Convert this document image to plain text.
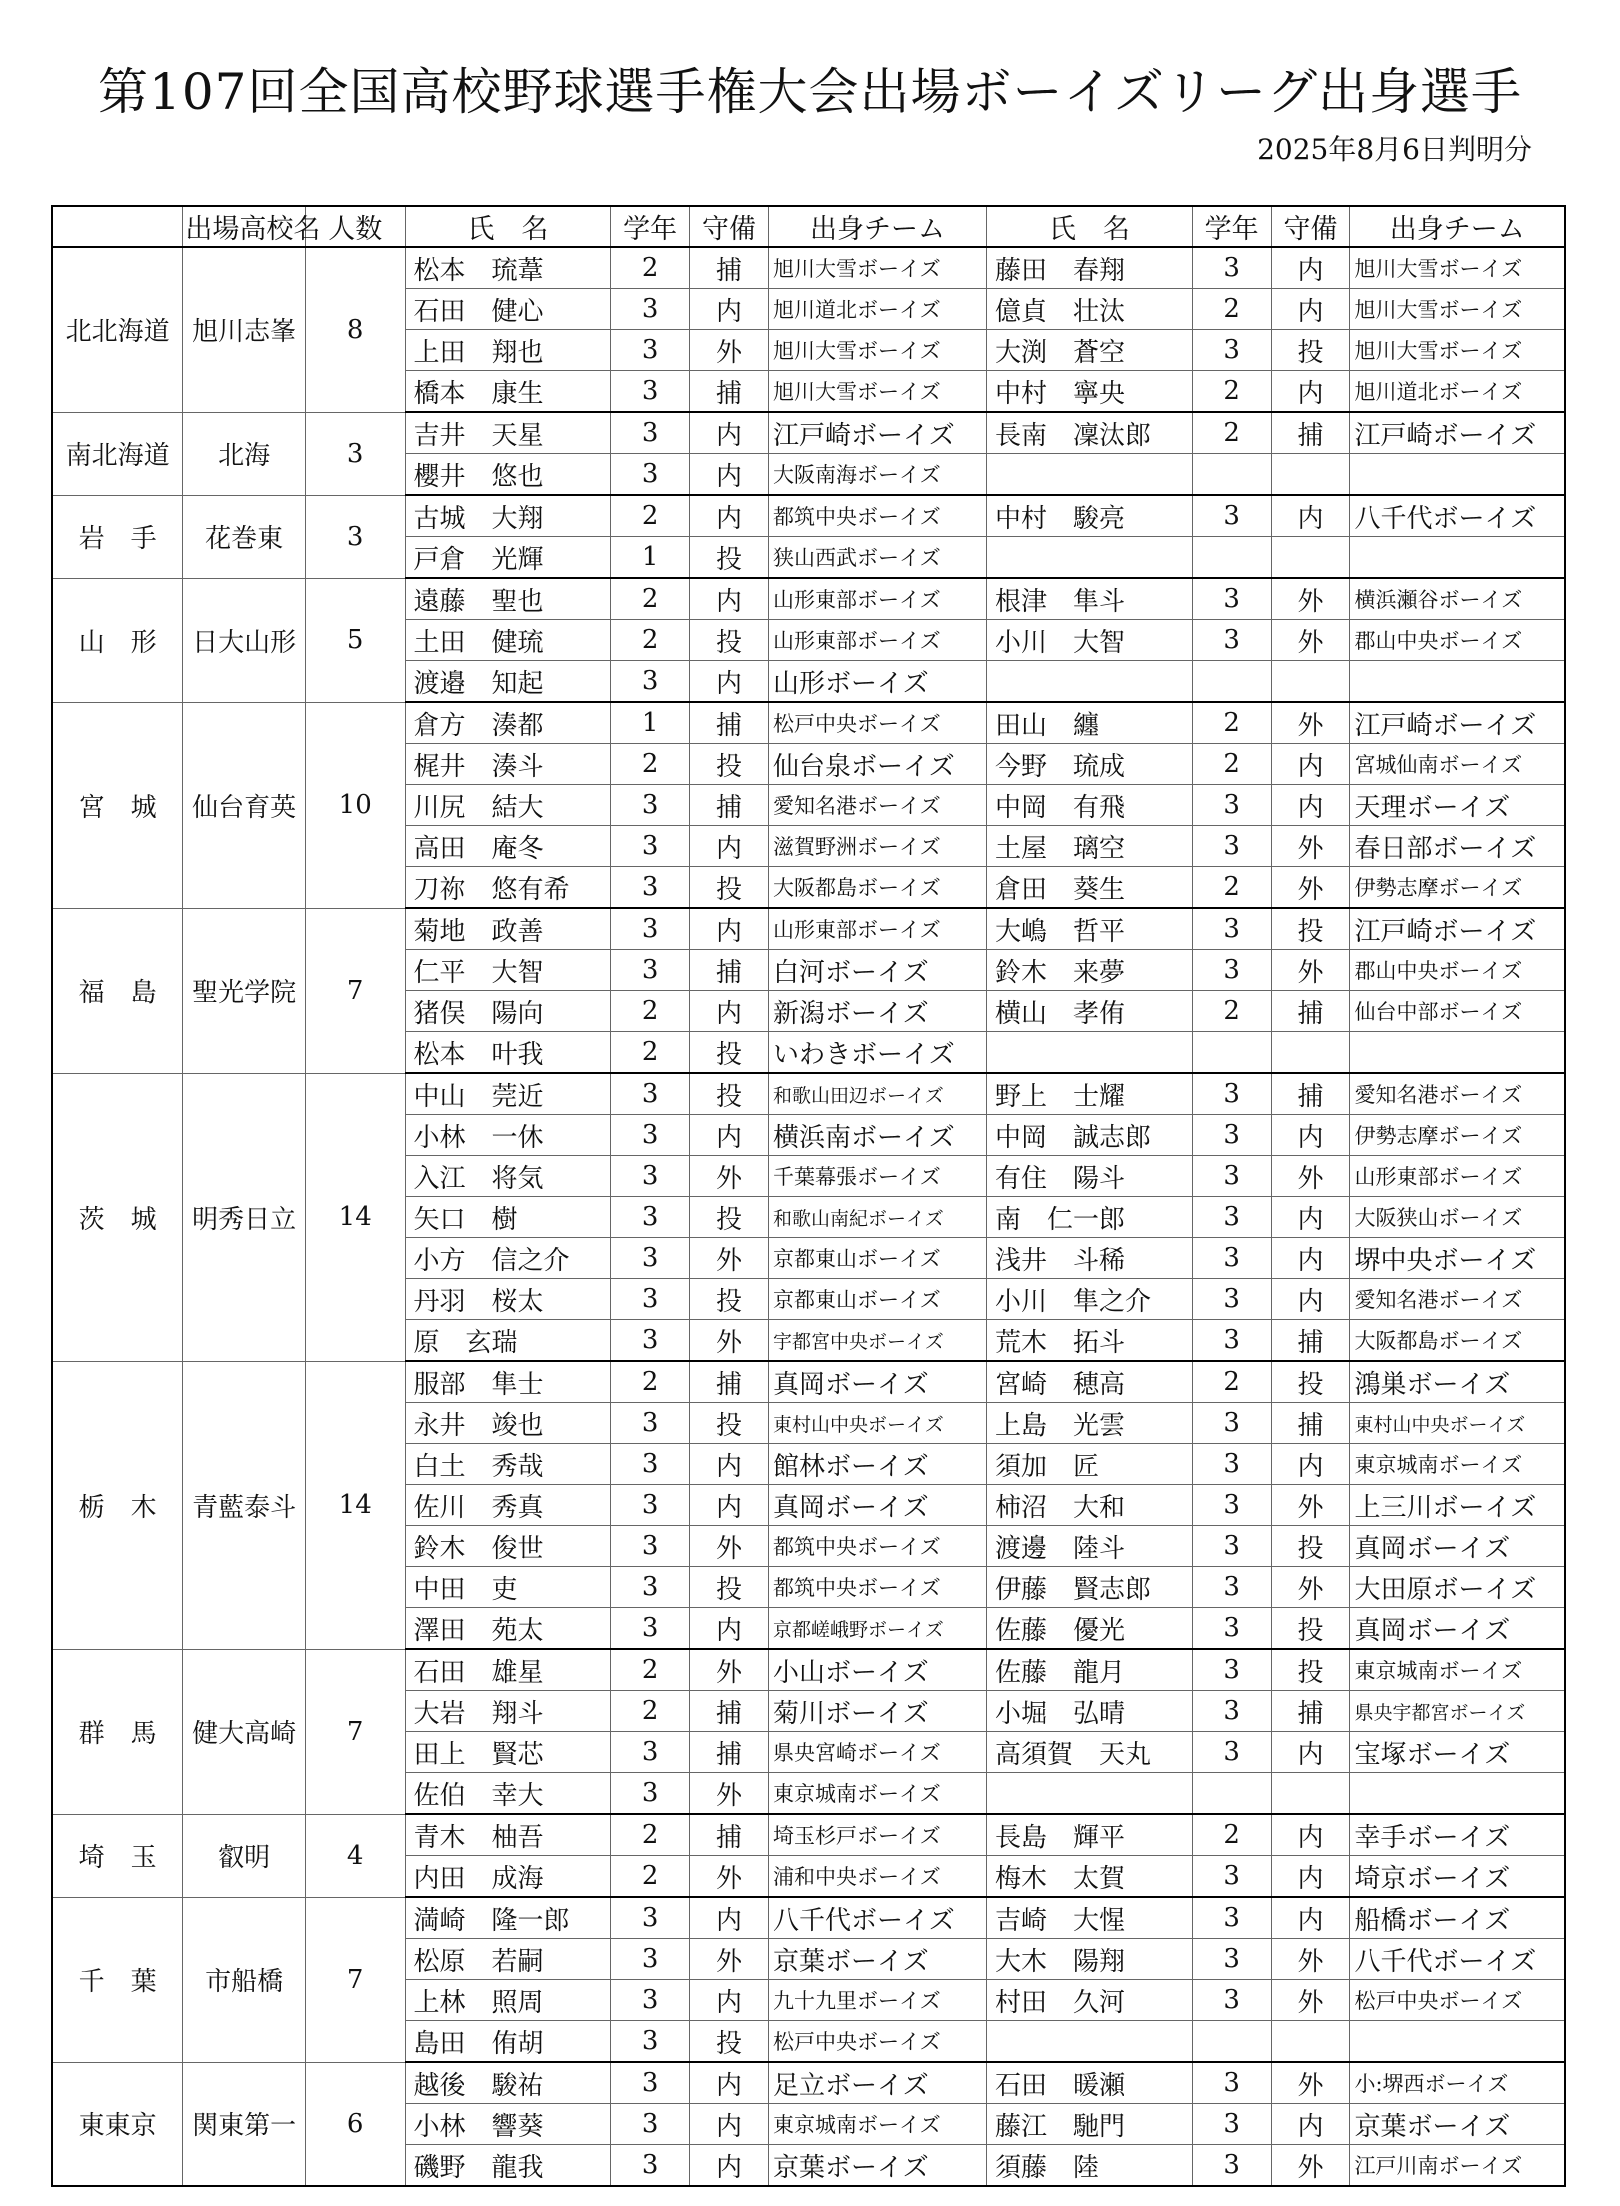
第107回全国高校野球選手権大会出場ボーイズリーグ出身選手
2025年8月6日判明分
	出場高校名	人数	氏　名	学年	守備	出身チーム	氏　名	学年	守備	出身チーム
北北海道	旭川志峯	8	松本　琉葦	2	捕	旭川大雪ボーイズ	藤田　春翔	3	内	旭川大雪ボーイズ
			石田　健心	3	内	旭川道北ボーイズ	億貞　壮汰	2	内	旭川大雪ボーイズ
			上田　翔也	3	外	旭川大雪ボーイズ	大渕　蒼空	3	投	旭川大雪ボーイズ
			橋本　康生	3	捕	旭川大雪ボーイズ	中村　寧央	2	内	旭川道北ボーイズ
南北海道	北海	3	吉井　天星	3	内	江戸崎ボーイズ	長南　凜汰郎	2	捕	江戸崎ボーイズ
			櫻井　悠也	3	内	大阪南海ボーイズ				
岩　手	花巻東	3	古城　大翔	2	内	都筑中央ボーイズ	中村　駿亮	3	内	八千代ボーイズ
			戸倉　光輝	1	投	狭山西武ボーイズ				
山　形	日大山形	5	遠藤　聖也	2	内	山形東部ボーイズ	根津　隼斗	3	外	横浜瀬谷ボーイズ
			土田　健琉	2	投	山形東部ボーイズ	小川　大智	3	外	郡山中央ボーイズ
			渡邉　知起	3	内	山形ボーイズ				
宮　城	仙台育英	10	倉方　湊都	1	捕	松戸中央ボーイズ	田山　纏	2	外	江戸崎ボーイズ
			梶井　湊斗	2	投	仙台泉ボーイズ	今野　琉成	2	内	宮城仙南ボーイズ
			川尻　結大	3	捕	愛知名港ボーイズ	中岡　有飛	3	内	天理ボーイズ
			高田　庵冬	3	内	滋賀野洲ボーイズ	土屋　璃空	3	外	春日部ボーイズ
			刀祢　悠有希	3	投	大阪都島ボーイズ	倉田　葵生	2	外	伊勢志摩ボーイズ
福　島	聖光学院	7	菊地　政善	3	内	山形東部ボーイズ	大嶋　哲平	3	投	江戸崎ボーイズ
			仁平　大智	3	捕	白河ボーイズ	鈴木　来夢	3	外	郡山中央ボーイズ
			猪俣　陽向	2	内	新潟ボーイズ	横山　孝侑	2	捕	仙台中部ボーイズ
			松本　叶我	2	投	いわきボーイズ				
茨　城	明秀日立	14	中山　莞近	3	投	和歌山田辺ボーイズ	野上　士耀	3	捕	愛知名港ボーイズ
			小林　一休	3	内	横浜南ボーイズ	中岡　誠志郎	3	内	伊勢志摩ボーイズ
			入江　将気	3	外	千葉幕張ボーイズ	有住　陽斗	3	外	山形東部ボーイズ
			矢口　樹	3	投	和歌山南紀ボーイズ	南　仁一郎	3	内	大阪狭山ボーイズ
			小方　信之介	3	外	京都東山ボーイズ	浅井　斗稀	3	内	堺中央ボーイズ
			丹羽　桜太	3	投	京都東山ボーイズ	小川　隼之介	3	内	愛知名港ボーイズ
			原　玄瑞	3	外	宇都宮中央ボーイズ	荒木　拓斗	3	捕	大阪都島ボーイズ
栃　木	青藍泰斗	14	服部　隼士	2	捕	真岡ボーイズ	宮崎　穂高	2	投	鴻巣ボーイズ
			永井　竣也	3	投	東村山中央ボーイズ	上島　光雲	3	捕	東村山中央ボーイズ
			白土　秀哉	3	内	館林ボーイズ	須加　匠	3	内	東京城南ボーイズ
			佐川　秀真	3	内	真岡ボーイズ	柿沼　大和	3	外	上三川ボーイズ
			鈴木　俊世	3	外	都筑中央ボーイズ	渡邊　陸斗	3	投	真岡ボーイズ
			中田　吏	3	投	都筑中央ボーイズ	伊藤　賢志郎	3	外	大田原ボーイズ
			澤田　苑太	3	内	京都嵯峨野ボーイズ	佐藤　優光	3	投	真岡ボーイズ
群　馬	健大高崎	7	石田　雄星	2	外	小山ボーイズ	佐藤　龍月	3	投	東京城南ボーイズ
			大岩　翔斗	2	捕	菊川ボーイズ	小堀　弘晴	3	捕	県央宇都宮ボーイズ
			田上　賢芯	3	捕	県央宮崎ボーイズ	高須賀　天丸	3	内	宝塚ボーイズ
			佐伯　幸大	3	外	東京城南ボーイズ				
埼　玉	叡明	4	青木　柚吾	2	捕	埼玉杉戸ボーイズ	長島　輝平	2	内	幸手ボーイズ
			内田　成海	2	外	浦和中央ボーイズ	梅木　太賀	3	内	埼京ボーイズ
千　葉	市船橋	7	満崎　隆一郎	3	内	八千代ボーイズ	吉崎　大惺	3	内	船橋ボーイズ
			松原　若嗣	3	外	京葉ボーイズ	大木　陽翔	3	外	八千代ボーイズ
			上林　照周	3	内	九十九里ボーイズ	村田　久河	3	外	松戸中央ボーイズ
			島田　侑胡	3	投	松戸中央ボーイズ				
東東京	関東第一	6	越後　駿祐	3	内	足立ボーイズ	石田　暖瀬	3	外	小:堺西ボーイズ
			小林　響葵	3	内	東京城南ボーイズ	藤江　馳門	3	内	京葉ボーイズ
			磯野　龍我	3	内	京葉ボーイズ	須藤　陸	3	外	江戸川南ボーイズ
